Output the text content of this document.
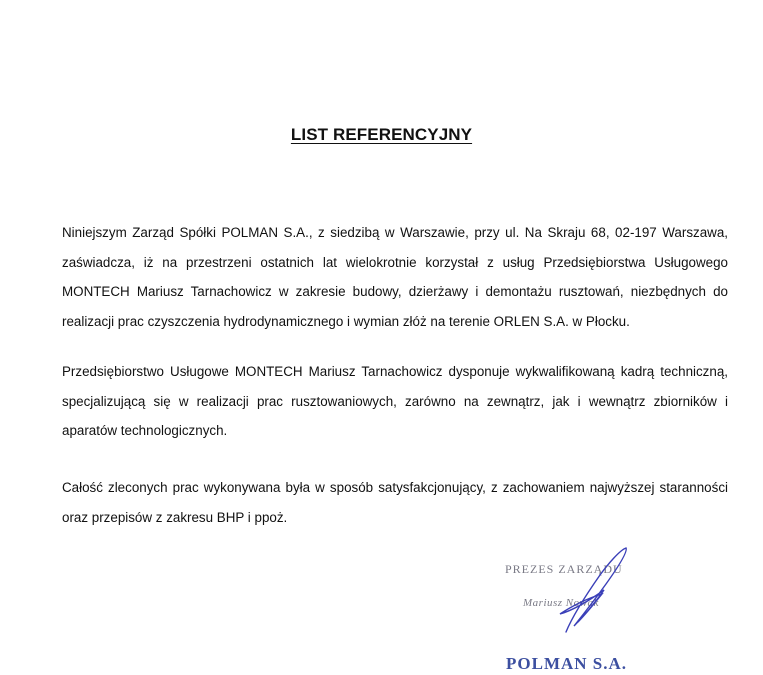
LIST REFERENCYJNY
Niniejszym Zarząd Spółki POLMAN S.A., z siedzibą w Warszawie, przy ul. Na Skraju 68, 02-197 Warszawa, zaświadcza, iż na przestrzeni ostatnich lat wielokrotnie korzystał z usług Przedsiębiorstwa Usługowego MONTECH Mariusz Tarnachowicz w zakresie budowy, dzierżawy i demontażu rusztowań, niezbędnych do realizacji prac czyszczenia hydrodynamicznego i wymian złóż na terenie ORLEN S.A. w Płocku.
Przedsiębiorstwo Usługowe MONTECH Mariusz Tarnachowicz dysponuje wykwalifikowaną kadrą techniczną, specjalizującą się w realizacji prac rusztowaniowych, zarówno na zewnątrz, jak i wewnątrz zbiorników i aparatów technologicznych.
Całość zleconych prac wykonywana była w sposób satysfakcjonujący, z zachowaniem najwyższej staranności oraz przepisów z zakresu BHP i ppoż.
PREZES ZARZĄDU
Mariusz Nowak
POLMAN S.A.
